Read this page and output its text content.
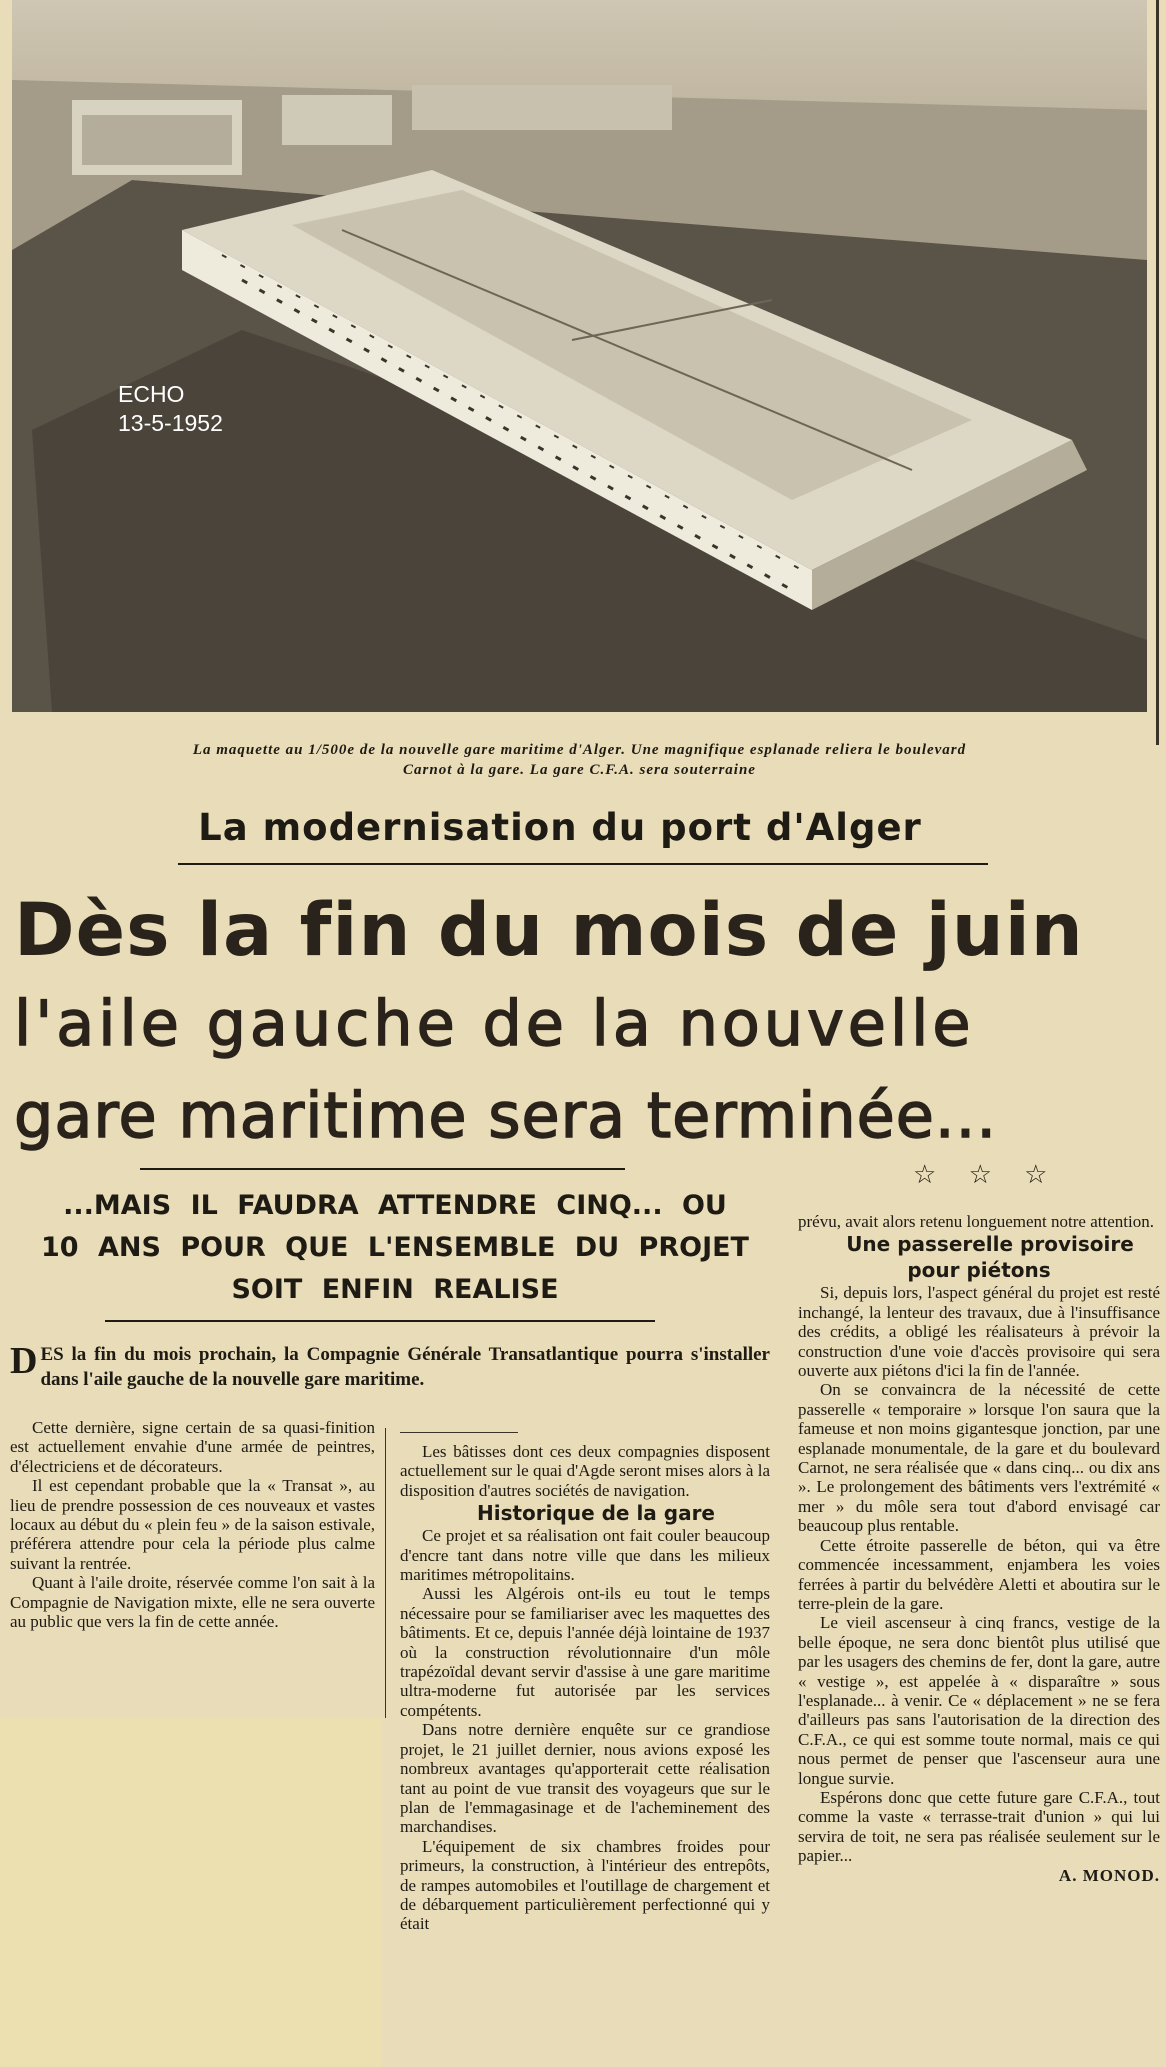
ECHO
13-5-1952
La maquette au 1/500e de la nouvelle gare maritime d'Alger. Une magnifique esplanade reliera le boulevard
Carnot à la gare. La gare C.F.A. sera souterraine
La modernisation du port d'Alger
Dès la fin du mois de juin
l'aile gauche de la nouvelle
gare maritime sera terminée...
☆ ☆ ☆
...MAIS IL FAUDRA ATTENDRE CINQ... OU 10 ANS POUR QUE L'ENSEMBLE DU PROJET SOIT ENFIN REALISE
DES la fin du mois prochain, la Compagnie Générale Transatlantique pourra s'installer dans l'aile gauche de la nouvelle gare maritime.

Cette dernière, signe certain de sa quasi-finition est actuellement envahie d'une armée de peintres, d'électriciens et de décorateurs.

Il est cependant probable que la « Transat », au lieu de prendre possession de ces nouveaux et vastes locaux au début du « plein feu » de la saison estivale, préférera attendre pour cela la période plus calme suivant la rentrée.

Quant à l'aile droite, réservée comme l'on sait à la Compagnie de Navigation mixte, elle ne sera ouverte au public que vers la fin de cette année.

Les bâtisses dont ces deux compagnies disposent actuellement sur le quai d'Agde seront mises alors à la disposition d'autres sociétés de navigation.

Historique de la gare

Ce projet et sa réalisation ont fait couler beaucoup d'encre tant dans notre ville que dans les milieux maritimes métropolitains.

Aussi les Algérois ont-ils eu tout le temps nécessaire pour se familiariser avec les maquettes des bâtiments. Et ce, depuis l'année déjà lointaine de 1937 où la construction révolutionnaire d'un môle trapézoïdal devant servir d'assise à une gare maritime ultra-moderne fut autorisée par les services compétents.

Dans notre dernière enquête sur ce grandiose projet, le 21 juillet dernier, nous avions exposé les nombreux avantages qu'apporterait cette réalisation tant au point de vue transit des voyageurs que sur le plan de l'emmagasinage et de l'acheminement des marchandises.

L'équipement de six chambres froides pour primeurs, la construction, à l'intérieur des entrepôts, de rampes automobiles et l'outillage de chargement et de débarquement particulièrement perfectionné qui y était

prévu, avait alors retenu longuement notre attention.

Une passerelle provisoire pour piétons

Si, depuis lors, l'aspect général du projet est resté inchangé, la lenteur des travaux, due à l'insuffisance des crédits, a obligé les réalisateurs à prévoir la construction d'une voie d'accès provisoire qui sera ouverte aux piétons d'ici la fin de l'année.

On se convaincra de la nécessité de cette passerelle « temporaire » lorsque l'on saura que la fameuse et non moins gigantesque jonction, par une esplanade monumentale, de la gare et du boulevard Carnot, ne sera réalisée que « dans cinq... ou dix ans ». Le prolongement des bâtiments vers l'extrémité « mer » du môle sera tout d'abord envisagé car beaucoup plus rentable.

Cette étroite passerelle de béton, qui va être commencée incessamment, enjambera les voies ferrées à partir du belvédère Aletti et aboutira sur le terre-plein de la gare.

Le vieil ascenseur à cinq francs, vestige de la belle époque, ne sera donc bientôt plus utilisé que par les usagers des chemins de fer, dont la gare, autre « vestige », est appelée à « disparaître » sous l'esplanade... à venir. Ce « déplacement » ne se fera d'ailleurs pas sans l'autorisation de la direction des C.F.A., ce qui est somme toute normal, mais ce qui nous permet de penser que l'ascenseur aura une longue survie.

Espérons donc que cette future gare C.F.A., tout comme la vaste « terrasse-trait d'union » qui lui servira de toit, ne sera pas réalisée seulement sur le papier...

A. MONOD.
